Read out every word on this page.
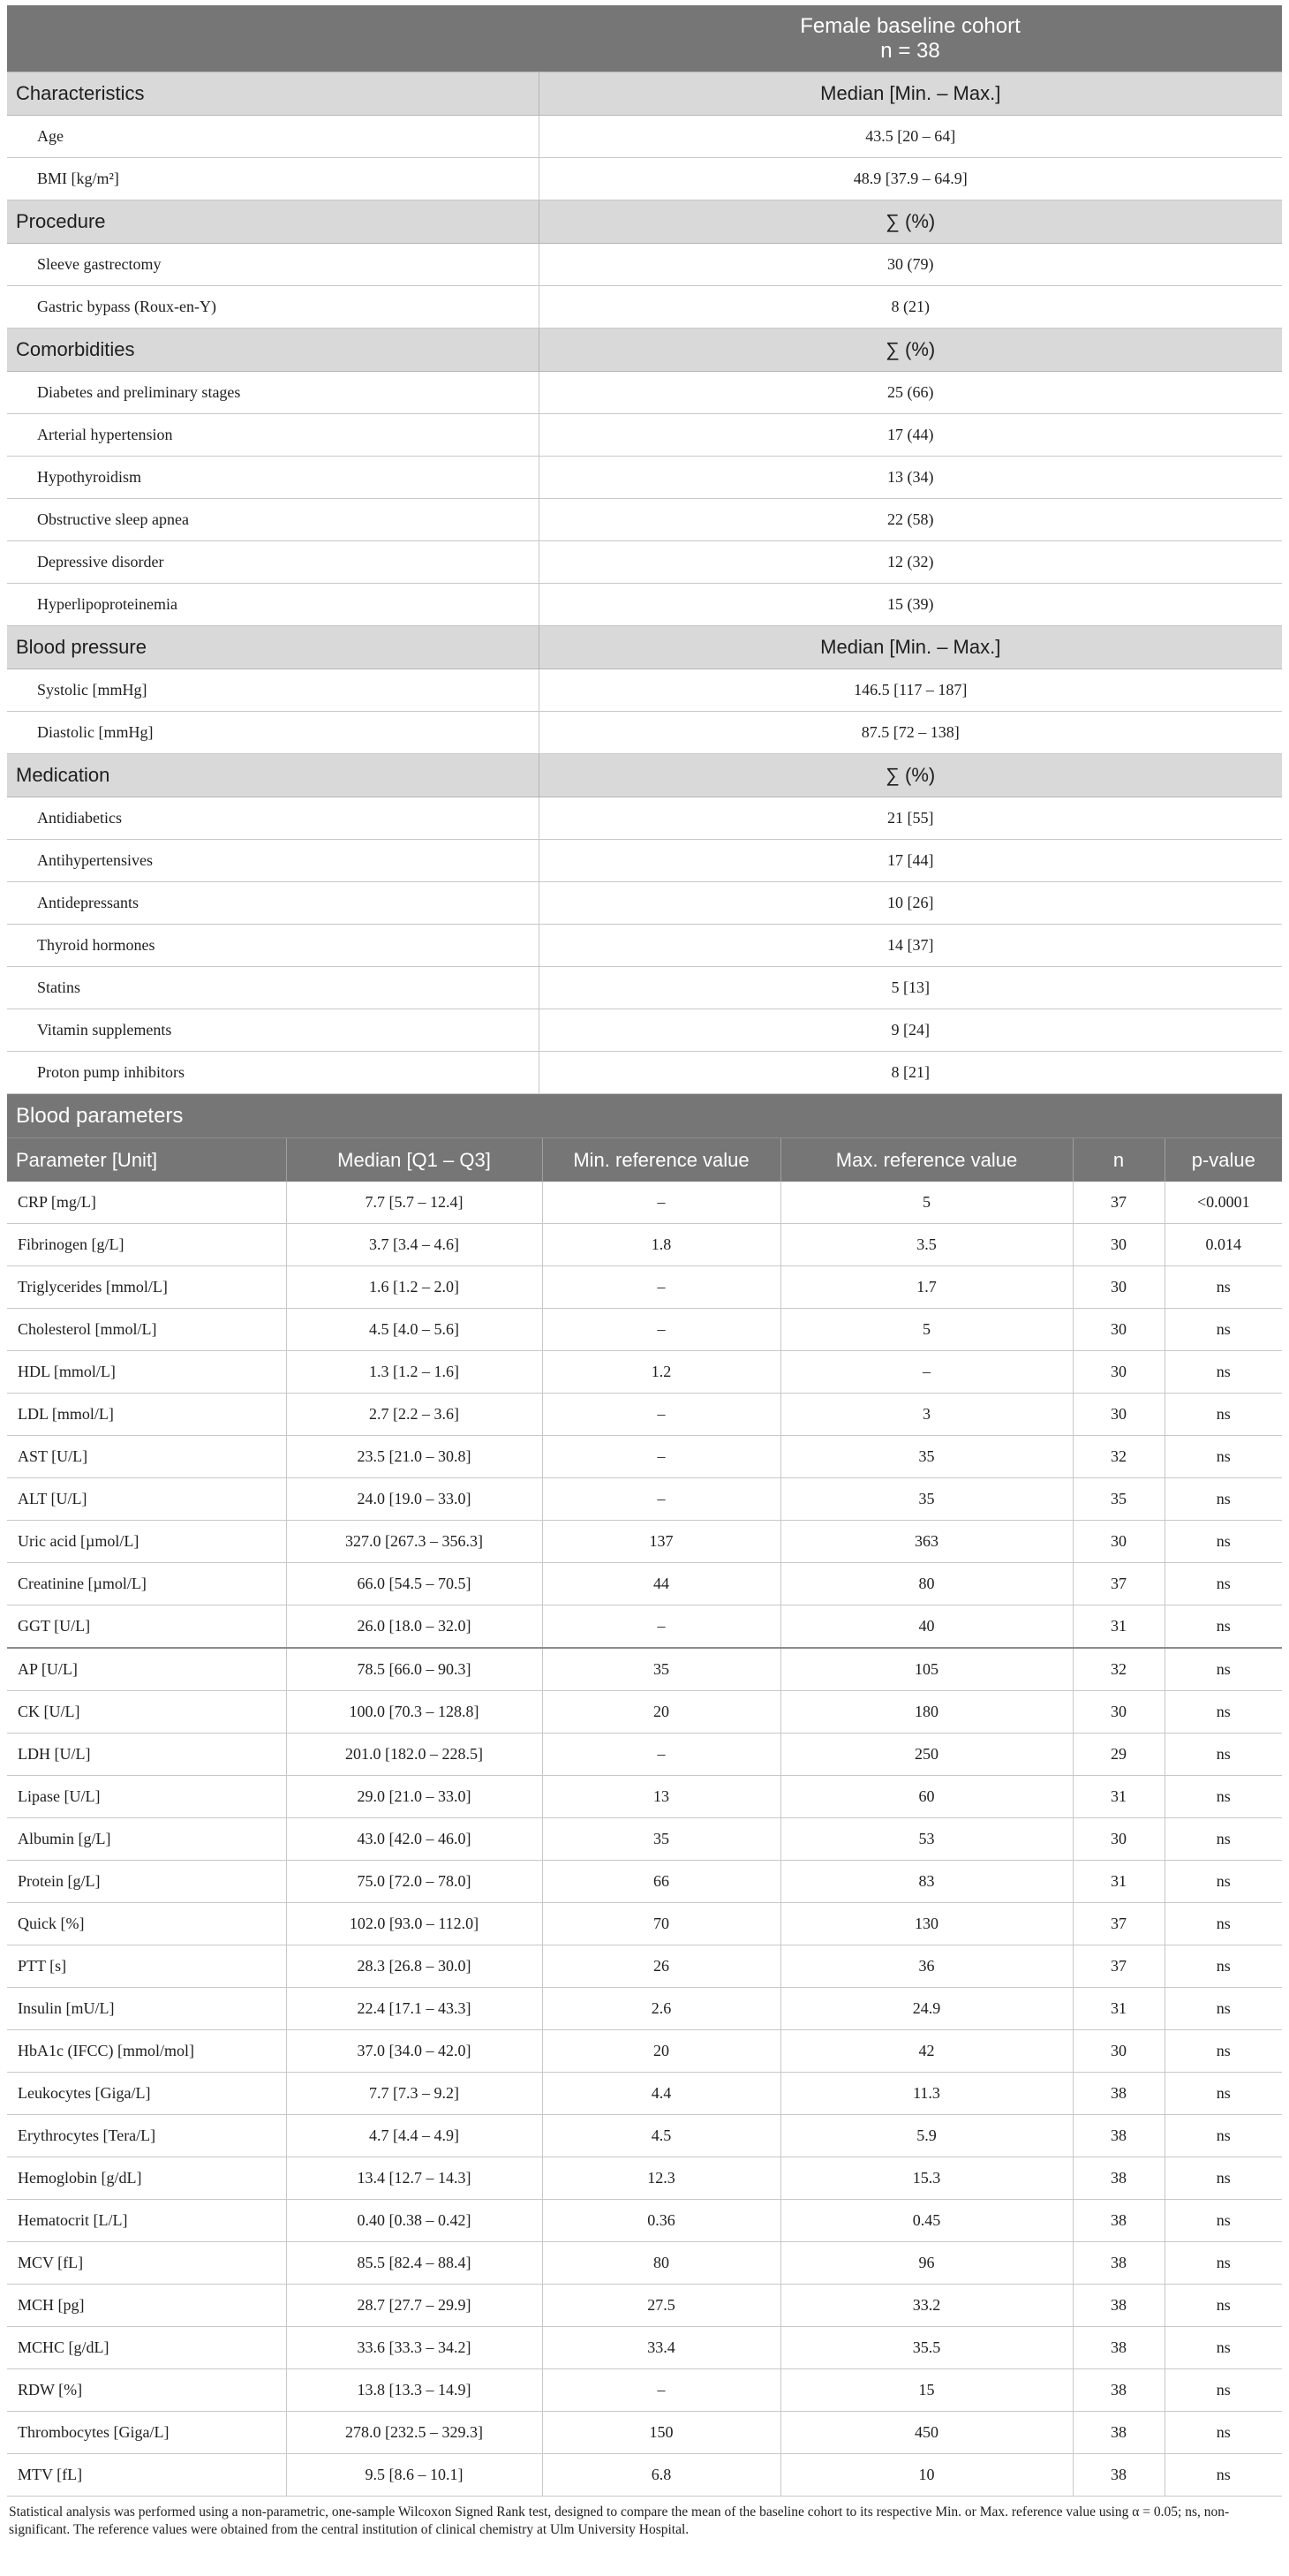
	Female baseline cohort
n = 38

Characteristics	Median [Min. – Max.]
Age	43.5 [20 – 64]
BMI [kg/m²]	48.9 [37.9 – 64.9]
Procedure	∑ (%)
Sleeve gastrectomy	30 (79)
Gastric bypass (Roux-en-Y)	8 (21)
Comorbidities	∑ (%)
Diabetes and preliminary stages	25 (66)
Arterial hypertension	17 (44)
Hypothyroidism	13 (34)
Obstructive sleep apnea	22 (58)
Depressive disorder	12 (32)
Hyperlipoproteinemia	15 (39)
Blood pressure	Median [Min. – Max.]
Systolic [mmHg]	146.5 [117 – 187]
Diastolic [mmHg]	87.5 [72 – 138]
Medication	∑ (%)
Antidiabetics	21 [55]
Antihypertensives	17 [44]
Antidepressants	10 [26]
Thyroid hormones	14 [37]
Statins	5 [13]
Vitamin supplements	9 [24]
Proton pump inhibitors	8 [21]
Blood parameters					
Parameter [Unit]	Median [Q1 – Q3]	Min. reference value	Max. reference value	n	p-value
CRP [mg/L]	7.7 [5.7 – 12.4]	–	5	37	<0.0001
Fibrinogen [g/L]	3.7 [3.4 – 4.6]	1.8	3.5	30	0.014
Triglycerides [mmol/L]	1.6 [1.2 – 2.0]	–	1.7	30	ns
Cholesterol [mmol/L]	4.5 [4.0 – 5.6]	–	5	30	ns
HDL [mmol/L]	1.3 [1.2 – 1.6]	1.2	–	30	ns
LDL [mmol/L]	2.7 [2.2 – 3.6]	–	3	30	ns
AST [U/L]	23.5 [21.0 – 30.8]	–	35	32	ns
ALT [U/L]	24.0 [19.0 – 33.0]	–	35	35	ns
Uric acid [µmol/L]	327.0 [267.3 – 356.3]	137	363	30	ns
Creatinine [µmol/L]	66.0 [54.5 – 70.5]	44	80	37	ns
GGT [U/L]	26.0 [18.0 – 32.0]	–	40	31	ns
AP [U/L]	78.5 [66.0 – 90.3]	35	105	32	ns
CK [U/L]	100.0 [70.3 – 128.8]	20	180	30	ns
LDH [U/L]	201.0 [182.0 – 228.5]	–	250	29	ns
Lipase [U/L]	29.0 [21.0 – 33.0]	13	60	31	ns
Albumin [g/L]	43.0 [42.0 – 46.0]	35	53	30	ns
Protein [g/L]	75.0 [72.0 – 78.0]	66	83	31	ns
Quick [%]	102.0 [93.0 – 112.0]	70	130	37	ns
PTT [s]	28.3 [26.8 – 30.0]	26	36	37	ns
Insulin [mU/L]	22.4 [17.1 – 43.3]	2.6	24.9	31	ns
HbA1c (IFCC) [mmol/mol]	37.0 [34.0 – 42.0]	20	42	30	ns
Leukocytes [Giga/L]	7.7 [7.3 – 9.2]	4.4	11.3	38	ns
Erythrocytes [Tera/L]	4.7 [4.4 – 4.9]	4.5	5.9	38	ns
Hemoglobin [g/dL]	13.4 [12.7 – 14.3]	12.3	15.3	38	ns
Hematocrit [L/L]	0.40 [0.38 – 0.42]	0.36	0.45	38	ns
MCV [fL]	85.5 [82.4 – 88.4]	80	96	38	ns
MCH [pg]	28.7 [27.7 – 29.9]	27.5	33.2	38	ns
MCHC [g/dL]	33.6 [33.3 – 34.2]	33.4	35.5	38	ns
RDW [%]	13.8 [13.3 – 14.9]	–	15	38	ns
Thrombocytes [Giga/L]	278.0 [232.5 – 329.3]	150	450	38	ns
MTV [fL]	9.5 [8.6 – 10.1]	6.8	10	38	ns
Statistical analysis was performed using a non-parametric, one-sample Wilcoxon Signed Rank test, designed to compare the mean of the baseline cohort to its respective Min. or Max. reference value using α = 0.05; ns, non-significant. The reference values were obtained from the central institution of clinical chemistry at Ulm University Hospital.
